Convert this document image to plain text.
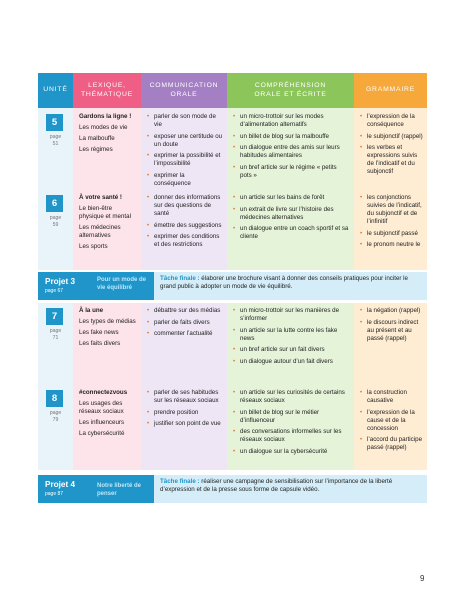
UNITÉ
LEXIQUE,
THÉMATIQUE
COMMUNICATION
ORALE
COMPRÉHENSION
ORALE ET ÉCRITE
GRAMMAIRE
5
page
51

Gardons la ligne !

Les modes de vie

La malbouffe

Les régimes

• parler de son mode de vie
• exposer une certitude ou un doute
• exprimer la possibilité et l’impossibilité
• exprimer la conséquence
• un micro-trottoir sur les modes d’alimentation alternatifs
• un billet de blog sur la malbouffe
• un dialogue entre des amis sur leurs habitudes alimentaires
• un bref article sur le régime « petits pots »
• l’expression de la conséquence
• le subjonctif (rappel)
• les verbes et expressions suivis de l’indicatif et du subjonctif
6
page
59

À votre santé !

Le bien-être physique et mental

Les médecines alternatives

Les sports

• donner des informations sur des questions de santé
• émettre des suggestions
• exprimer des conditions et des restrictions
• un article sur les bains de forêt
• un extrait de livre sur l’histoire des médecines alternatives
• un dialogue entre un coach sportif et sa cliente
• les conjonctions suivies de l’indicatif, du subjonctif et de l’infinitif
• le subjonctif passé
• le pronom neutre le
Projet 3
page 67
Pour un mode de vie équilibré
Tâche finale : élaborer une brochure visant à donner des conseils pratiques pour inciter le grand public à adopter un mode de vie équilibré.
7
page
71

À la une

Les types de médias

Les fake news

Les faits divers

• débattre sur des médias
• parler de faits divers
• commenter l’actualité
• un micro-trottoir sur les manières de s’informer
• un article sur la lutte contre les fake news
• un bref article sur un fait divers
• un dialogue autour d’un fait divers
• la négation (rappel)
• le discours indirect au présent et au passé (rappel)
8
page
79

#connectezvous

Les usages des réseaux sociaux

Les influenceurs

La cybersécurité

• parler de ses habitudes sur les réseaux sociaux
• prendre position
• justifier son point de vue
• un article sur les curiosités de certains réseaux sociaux
• un billet de blog sur le métier d’influenceur
• des conversations informelles sur les réseaux sociaux
• un dialogue sur la cybersécurité
• la construction causative
• l’expression de la cause et de la concession
• l’accord du participe passé (rappel)
Projet 4
page 87
Notre liberté de penser
Tâche finale : réaliser une campagne de sensibilisation sur l’importance de la liberté d’expression et de la presse sous forme de capsule vidéo.
9
